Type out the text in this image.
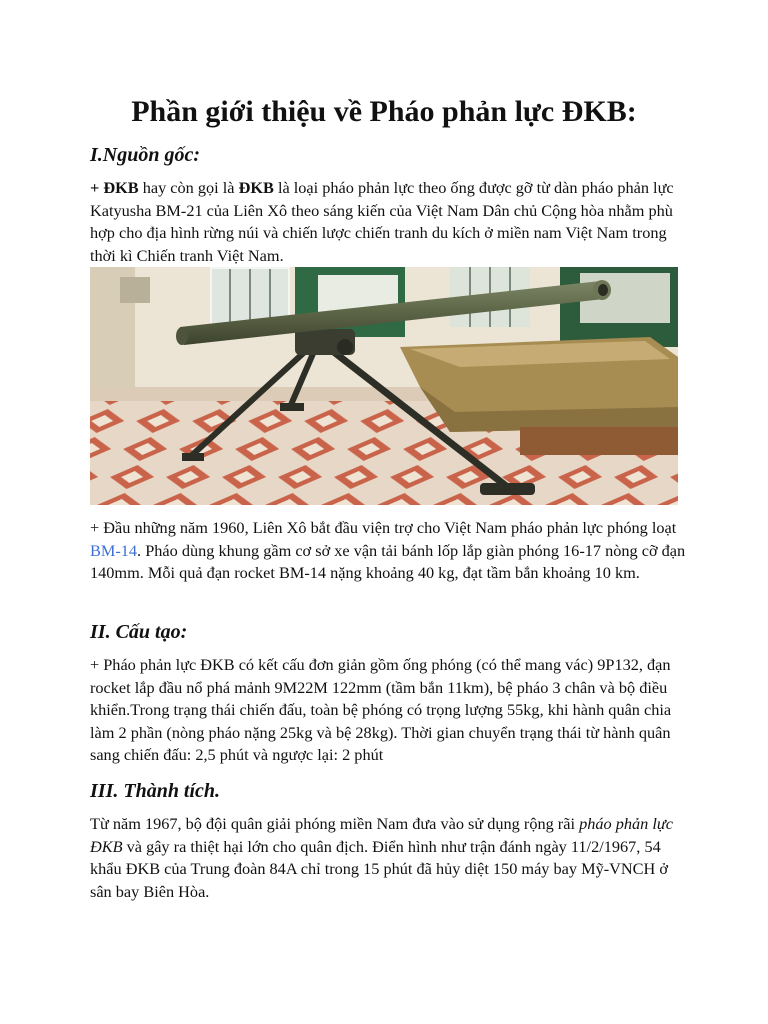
Phần giới thiệu về Pháo phản lực ĐKB:
I.Nguồn gốc:

+ ĐKB hay còn gọi là ĐKB là loại pháo phản lực theo ống được gỡ từ dàn pháo phản lực Katyusha BM-21 của Liên Xô theo sáng kiến của Việt Nam Dân chủ Cộng hòa nhằm phù hợp cho địa hình rừng núi và chiến lược chiến tranh du kích ở miền nam Việt Nam trong thời kì Chiến tranh Việt Nam.

+ Đầu những năm 1960, Liên Xô bắt đầu viện trợ cho Việt Nam pháo phản lực phóng loạt BM-14. Pháo dùng khung gầm cơ sở xe vận tải bánh lốp lắp giàn phóng 16-17 nòng cỡ đạn 140mm. Mỗi quả đạn rocket BM-14 nặng khoảng 40 kg, đạt tầm bắn khoảng 10 km.

II. Cấu tạo:

+ Pháo phản lực ĐKB có kết cấu đơn giản gồm ống phóng (có thể mang vác) 9P132, đạn rocket lắp đầu nổ phá mảnh 9M22M 122mm (tầm bắn 11km), bệ pháo 3 chân và bộ điều khiển.Trong trạng thái chiến đấu, toàn bệ phóng có trọng lượng 55kg, khi hành quân chia làm 2 phần (nòng pháo nặng 25kg và bệ 28kg). Thời gian chuyển trạng thái từ hành quân sang chiến đấu: 2,5 phút và ngược lại: 2 phút

III. Thành tích.

Từ năm 1967, bộ đội quân giải phóng miền Nam đưa vào sử dụng rộng rãi pháo phản lực ĐKB và gây ra thiệt hại lớn cho quân địch. Điển hình như trận đánh ngày 11/2/1967, 54 khẩu ĐKB của Trung đoàn 84A chỉ trong 15 phút đã hủy diệt 150 máy bay Mỹ-VNCH ở sân bay Biên Hòa.
